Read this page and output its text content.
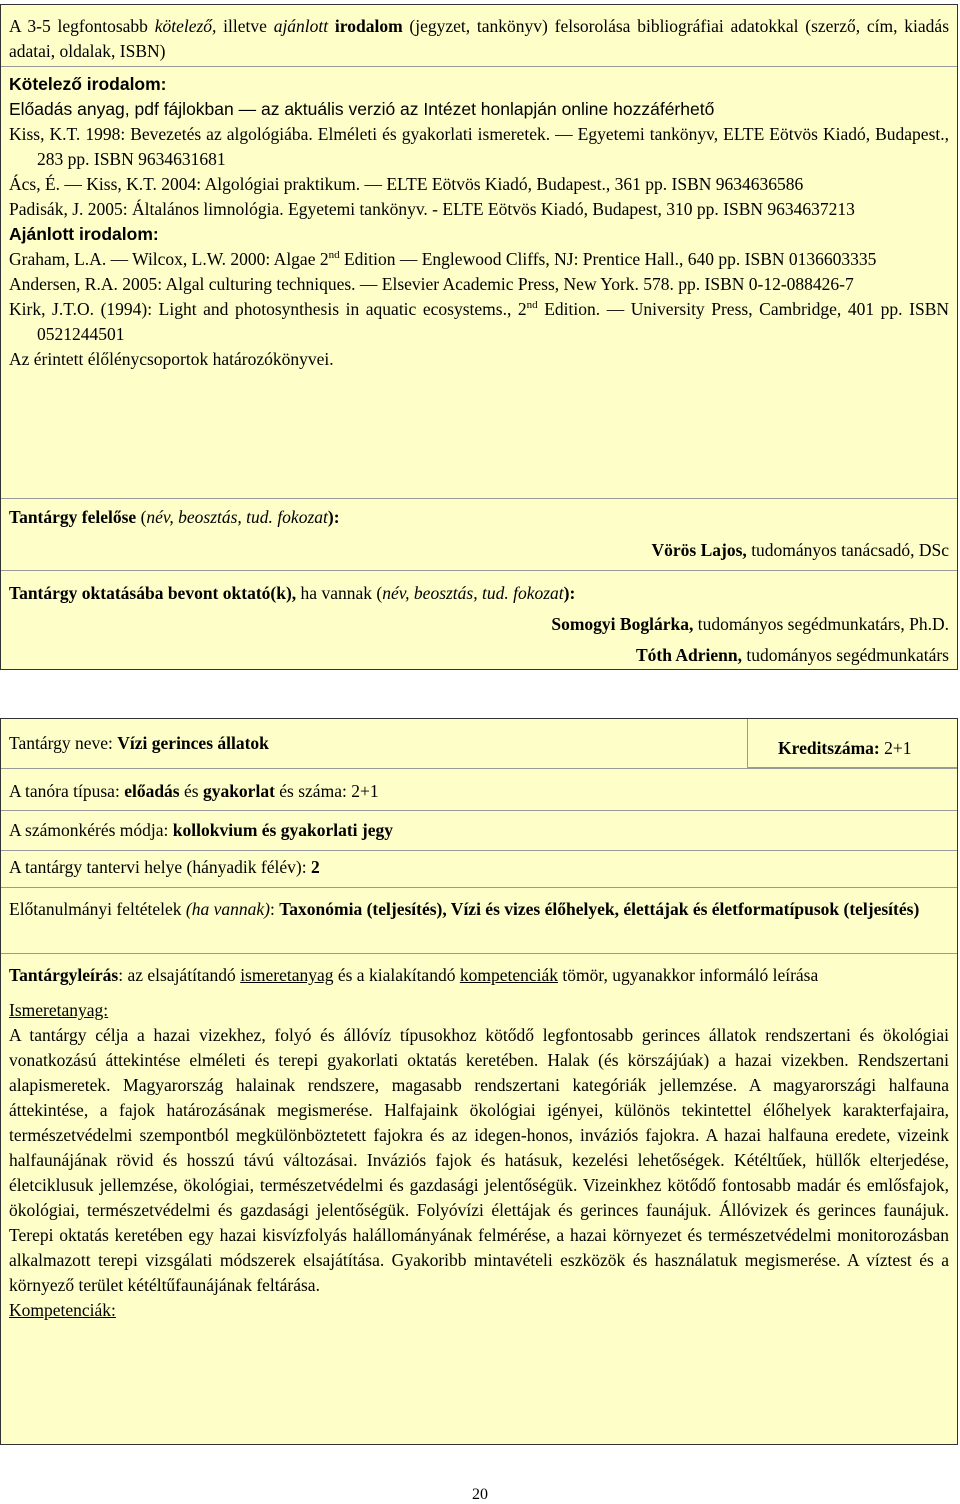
A 3-5 legfontosabb kötelező, illetve ajánlott irodalom (jegyzet, tankönyv) felsorolása bibliográfiai adatokkal (szerző, cím, kiadás adatai, oldalak, ISBN)

Kötelező irodalom:

Előadás anyag, pdf fájlokban ― az aktuális verzió az Intézet honlapján online hozzáférhető

Kiss, K.T. 1998: Bevezetés az algológiába. Elméleti és gyakorlati ismeretek. ― Egyetemi tankönyv, ELTE Eötvös Kiadó, Budapest., 283 pp. ISBN 9634631681

Ács, É. ― Kiss, K.T. 2004: Algológiai praktikum. ― ELTE Eötvös Kiadó, Budapest., 361 pp. ISBN 9634636586

Padisák, J. 2005: Általános limnológia. Egyetemi tankönyv. - ELTE Eötvös Kiadó, Budapest, 310 pp. ISBN 9634637213

Ajánlott irodalom:

Graham, L.A. ― Wilcox, L.W. 2000: Algae 2nd Edition ― Englewood Cliffs, NJ: Prentice Hall., 640 pp. ISBN 0136603335

Andersen, R.A. 2005: Algal culturing techniques. ― Elsevier Academic Press, New York. 578. pp. ISBN 0-12-088426-7

Kirk, J.T.O. (1994): Light and photosynthesis in aquatic ecosystems., 2nd Edition. ― University Press, Cambridge, 401 pp. ISBN 0521244501

Az érintett élőlénycsoportok határozókönyvei.

Tantárgy felelőse (név, beosztás, tud. fokozat):

Vörös Lajos, tudományos tanácsadó, DSc

Tantárgy oktatásába bevont oktató(k), ha vannak (név, beosztás, tud. fokozat):

Somogyi Boglárka, tudományos segédmunkatárs, Ph.D.

Tóth Adrienn, tudományos segédmunkatárs

Tantárgy neve: Vízi gerinces állatok	Kreditszáma: 2+1

A tanóra típusa: előadás és gyakorlat és száma: 2+1

A számonkérés módja: kollokvium és gyakorlati jegy

A tantárgy tantervi helye (hányadik félév): 2

Előtanulmányi feltételek (ha vannak): Taxonómia (teljesítés), Vízi és vizes élőhelyek, élettájak és életformatípusok (teljesítés)

Tantárgyleírás: az elsajátítandó ismeretanyag és a kialakítandó kompetenciák tömör, ugyanakkor informáló leírása

Ismeretanyag:

A tantárgy célja a hazai vizekhez, folyó és állóvíz típusokhoz kötődő legfontosabb gerinces állatok rendszertani és ökológiai vonatkozású áttekintése elméleti és terepi gyakorlati oktatás keretében. Halak (és körszájúak) a hazai vizekben. Rendszertani alapismeretek. Magyarország halainak rendszere, magasabb rendszertani kategóriák jellemzése. A magyarországi halfauna áttekintése, a fajok határozásának megismerése. Halfajaink ökológiai igényei, különös tekintettel élőhelyek karakterfajaira, természetvédelmi szempontból megkülönböztetett fajokra és az idegen-honos, inváziós fajokra. A hazai halfauna eredete, vizeink halfaunájának rövid és hosszú távú változásai. Inváziós fajok és hatásuk, kezelési lehetőségek. Kétéltűek, hüllők elterjedése, életciklusuk jellemzése, ökológiai, természetvédelmi és gazdasági jelentőségük. Vizeinkhez kötődő fontosabb madár és emlősfajok, ökológiai, természetvédelmi és gazdasági jelentőségük. Folyóvízi élettájak és gerinces faunájuk. Állóvizek és gerinces faunájuk. Terepi oktatás keretében egy hazai kisvízfolyás halállományának felmérése, a hazai környezet és természetvédelmi monitorozásban alkalmazott terepi vizsgálati módszerek elsajátítása. Gyakoribb mintavételi eszközök és használatuk megismerése. A víztest és a környező terület kétéltűfaunájának feltárása.

Kompetenciák:

20
